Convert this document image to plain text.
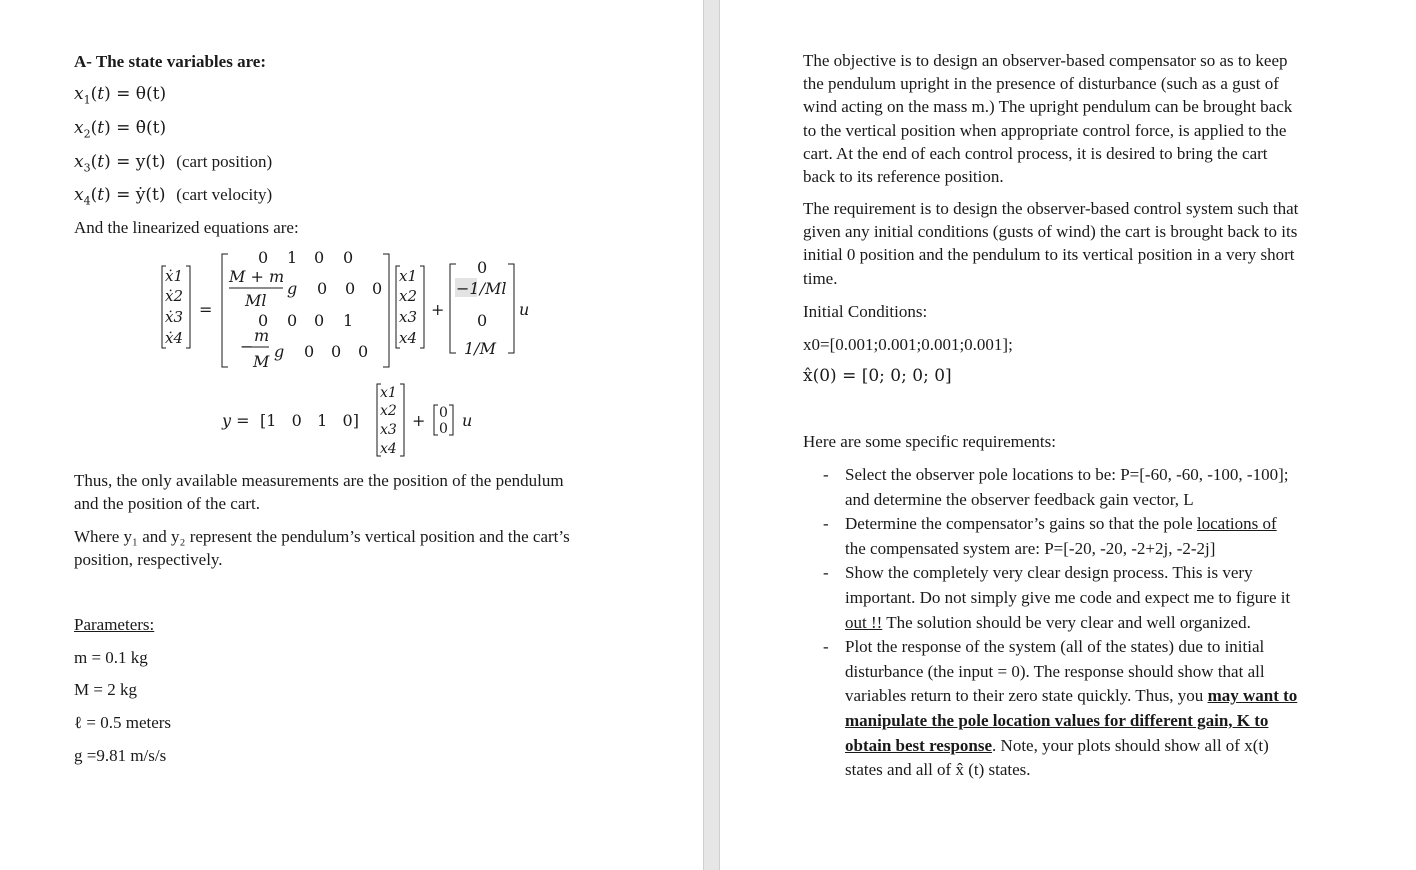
A- The state variables are:
$x_1(t) = \theta(t)$
$x_2(t)$ = θ̇(t)
$x_3(t) = y(t)$ (cart position)
$x_4(t)$ = ẏ(t) (cart velocity)
And the linearized equations are:
ẋ1
ẋ2
ẋ3
ẋ4
=
0 1 0 0
M + m
Ml
g 0 0 0
0 0 0 1
−
m
M
g 0 0 0
x1
x2
x3
x4
+
0
−1/Ml
0
1/M
u
y = [1   0   1   0]	+ u
x1
x2
x3
x4
0
0
Thus, the only available measurements are the position of the pendulum
and the position of the cart.
Where y₁ and y₂ represent the pendulum’s vertical position and the cart’s
position, respectively.
Parameters:
m = 0.1 kg
M = 2 kg
ℓ = 0.5 meters
g =9.81 m/s/s
The objective is to design an observer-based compensator so as to keep
the pendulum upright in the presence of disturbance (such as a gust of
wind acting on the mass m.) The upright pendulum can be brought back
to the vertical position when appropriate control force, is applied to the
cart. At the end of each control process, it is desired to bring the cart
back to its reference position.
The requirement is to design the observer-based control system such that
given any initial conditions (gusts of wind) the cart is brought back to its
initial 0 position and the pendulum to its vertical position in a very short
time.
Initial Conditions:
x0=[0.001;0.001;0.001;0.001];
x̂(0) = [0; 0; 0; 0]
Here are some specific requirements:
- Select the observer pole locations to be: P=[-60, -60, -100, -100];
and determine the observer feedback gain vector, L
- Determine the compensator’s gains so that the pole locations of
the compensated system are: P=[-20, -20, -2+2j, -2-2j]
- Show the completely very clear design process. This is very
important. Do not simply give me code and expect me to figure it
out !! The solution should be very clear and well organized.
- Plot the response of the system (all of the states) due to initial
disturbance (the input = 0). The response should show that all
variables return to their zero state quickly. Thus, you may want to
manipulate the pole location values for different gain, K to
obtain best response. Note, your plots should show all of x(t)
states and all of x̂ (t) states.
